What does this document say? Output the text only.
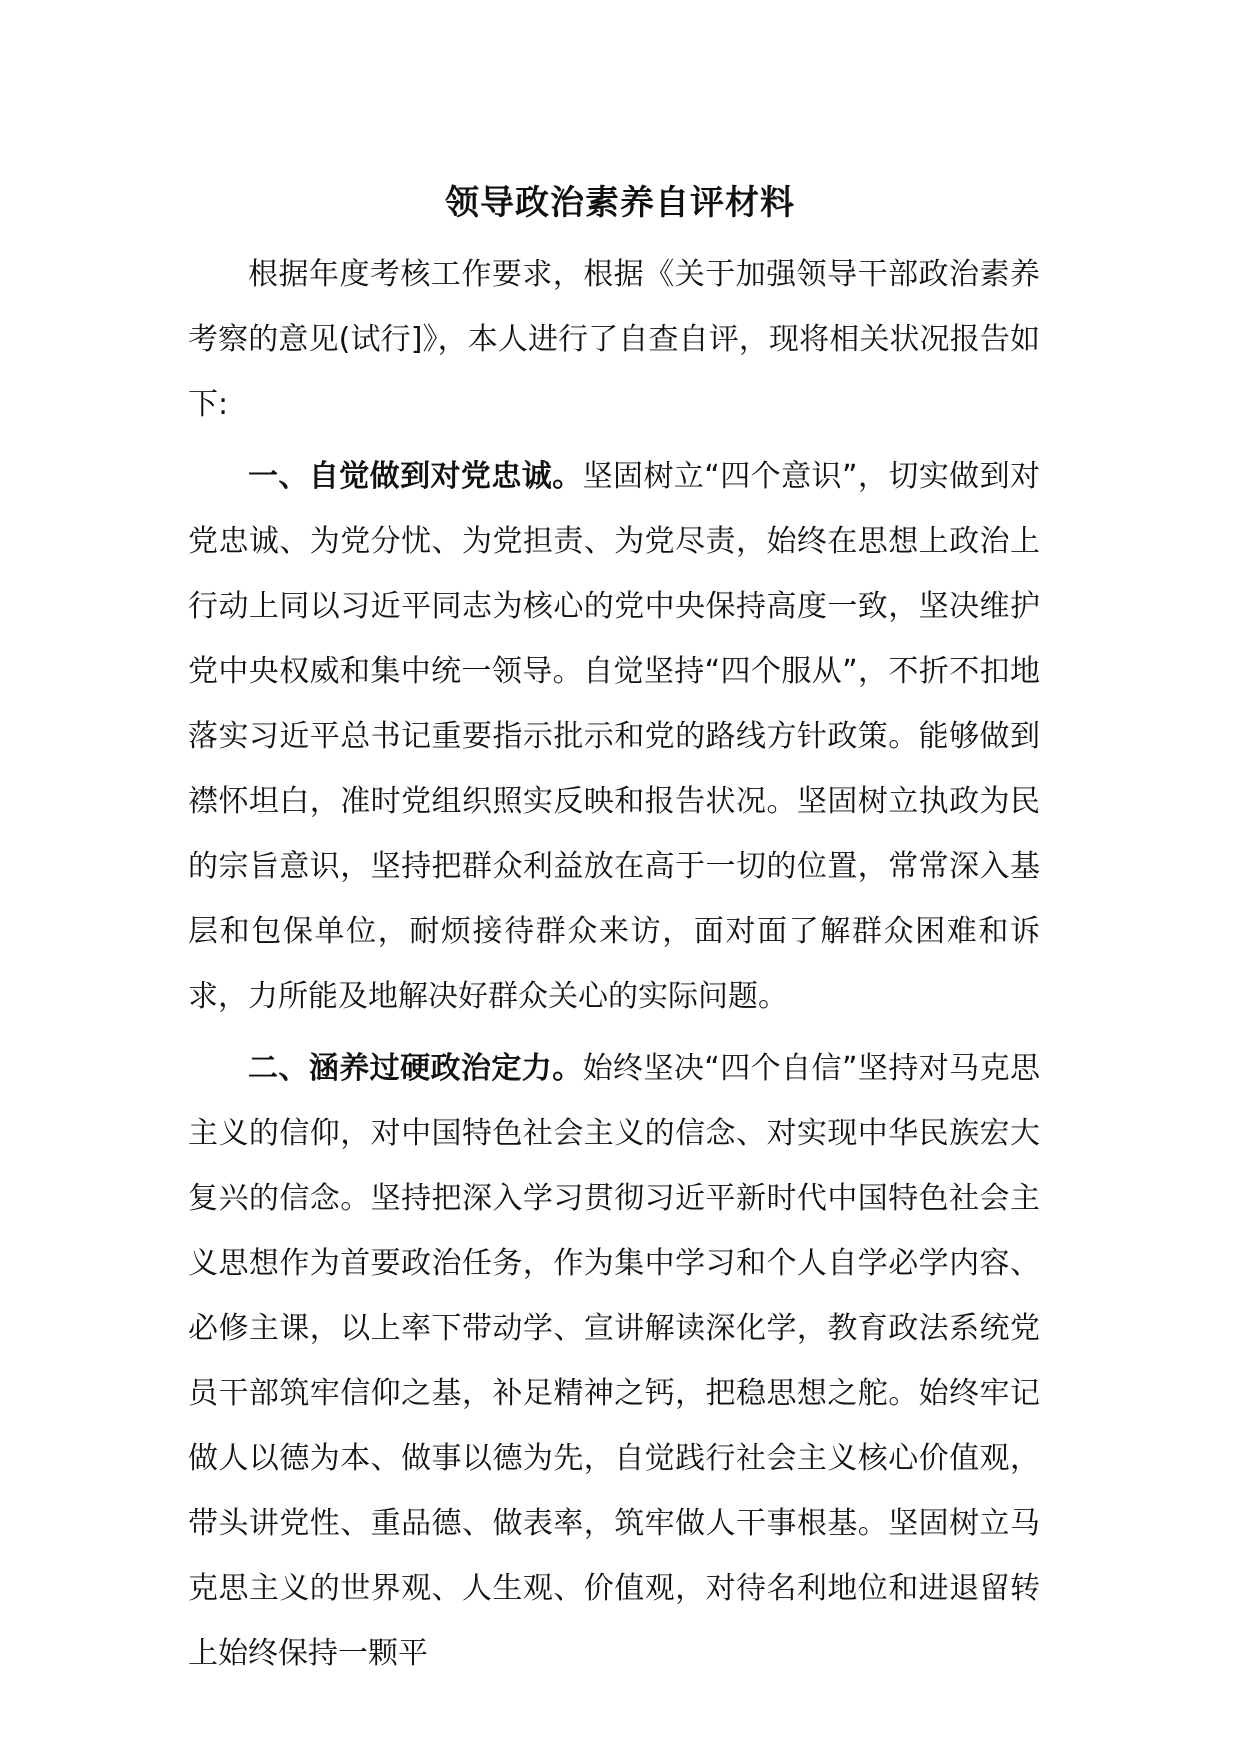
领导政治素养自评材料

根据年度考核工作要求，根据《关于加强领导干部政治素养考察的意见(试行]》，本人进行了自查自评，现将相关状况报告如下:

一、自觉做到对党忠诚。坚固树立“四个意识”，切实做到对党忠诚、为党分忧、为党担责、为党尽责，始终在思想上政治上行动上同以习近平同志为核心的党中央保持高度一致，坚决维护党中央权威和集中统一领导。自觉坚持“四个服从”，不折不扣地落实习近平总书记重要指示批示和党的路线方针政策。能够做到襟怀坦白，准时党组织照实反映和报告状况。坚固树立执政为民的宗旨意识，坚持把群众利益放在高于一切的位置，常常深入基层和包保单位，耐烦接待群众来访，面对面了解群众困难和诉求，力所能及地解决好群众关心的实际问题。

二、涵养过硬政治定力。始终坚决“四个自信”坚持对马克思主义的信仰，对中国特色社会主义的信念、对实现中华民族宏大复兴的信念。坚持把深入学习贯彻习近平新时代中国特色社会主义思想作为首要政治任务，作为集中学习和个人自学必学内容、必修主课，以上率下带动学、宣讲解读深化学，教育政法系统党员干部筑牢信仰之基，补足精神之钙，把稳思想之舵。始终牢记做人以德为本、做事以德为先，自觉践行社会主义核心价值观，带头讲党性、重品德、做表率，筑牢做人干事根基。坚固树立马克思主义的世界观、人生观、价值观，对待名利地位和进退留转上始终保持一颗平
